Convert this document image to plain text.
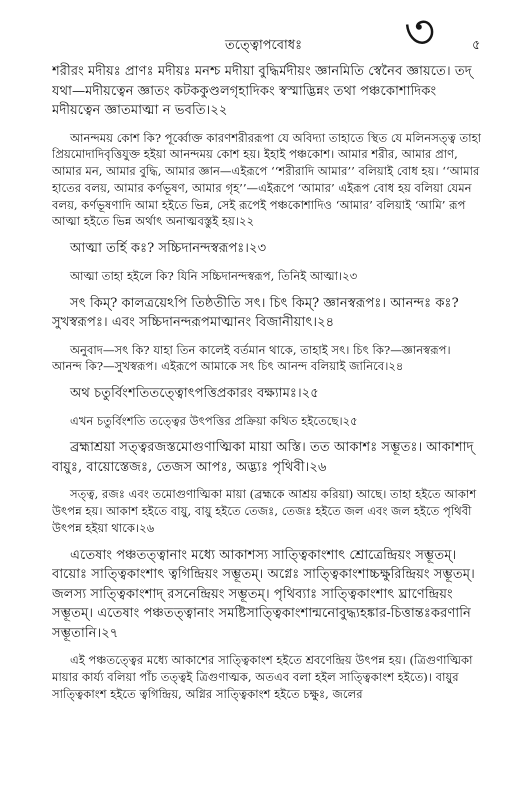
তত্ত্বোপবোধঃ	৩	৫

শরীরং মদীয়ঃ প্রাণঃ মদীয়ঃ মনশ্চ মদীয়া বুদ্ধির্মদীয়ং জ্ঞানমিতি স্বেনৈব জ্ঞায়তে। তদ্ যথা—মদীয়ত্বেন জ্ঞাতং কটককুণ্ডলগৃহাদিকং স্বস্মাদ্ভিন্নং তথা পঞ্চকোশাদিকং মদীয়ত্বেন জ্ঞাতমাত্মা ন ভবতি।২২

আনন্দময় কোশ কি? পূর্ব্বোক্ত কারণশরীররূপা যে অবিদ্যা তাহাতে স্থিত যে মলিনসত্ত্ব তাহা প্রিয়মোদাদিবৃত্তিযুক্ত হইয়া আনন্দময় কোশ হয়। ইহাই পঞ্চকোশ। আমার শরীর, আমার প্রাণ, আমার মন, আমার বুদ্ধি, আমার জ্ঞান—এইরূপে ‘‘শরীরাদি আমার’’ বলিয়াই বোধ হয়। ‘‘আমার হাতের বলয়, আমার কর্ণভূষণ, আমার গৃহ’’—এইরূপে ‘আমার’ এইরূপ বোধ হয় বলিয়া যেমন বলয়, কর্ণভূষণাদি আমা হইতে ভিন্ন, সেই রূপেই পঞ্চকোশাদিও ‘আমার’ বলিয়াই ‘আমি’ রূপ আত্মা হইতে ভিন্ন অর্থাৎ অনাত্মবস্তুই হয়।২২

আত্মা তর্হি কঃ? সচ্চিদানন্দস্বরূপঃ।২৩

আত্মা তাহা হইলে কি? যিনি সচ্চিদানন্দস্বরূপ, তিনিই আত্মা।২৩

সৎ কিম্? কালত্রয়েঽপি তিষ্ঠতীতি সৎ। চিৎ কিম্? জ্ঞানস্বরূপঃ। আনন্দঃ কঃ? সুখস্বরূপঃ। এবং সচ্চিদানন্দরূপমাত্মানং বিজানীয়াৎ।২৪

অনুবাদ—সৎ কি? যাহা তিন কালেই বর্তমান থাকে, তাহাই সৎ। চিৎ কি?—জ্ঞানস্বরূপ। আনন্দ কি?—সুখস্বরূপ। এইরূপে আমাকে সৎ চিৎ আনন্দ বলিয়াই জানিবে।২৪

অথ চতুর্বিংশতিতত্ত্বোৎপত্তিপ্রকারং বক্ষ্যামঃ।২৫

এখন চতুর্বিংশতি তত্ত্বের উৎপত্তির প্রক্রিয়া কথিত হইতেছে।২৫

ব্রহ্মাশ্রয়া সত্ত্বরজস্তমোগুণাত্মিকা মায়া অস্তি। তত আকাশঃ সম্ভূতঃ। আকাশাদ্ বায়ুঃ, বায়োস্তেজঃ, তেজস আপঃ, অদ্ভ্যঃ পৃথিবী।২৬

সত্ত্ব, রজঃ এবং তমোগুণাত্মিকা মায়া (ব্রহ্মকে আশ্রয় করিয়া) আছে। তাহা হইতে আকাশ উৎপন্ন হয়। আকাশ হইতে বায়ু, বায়ু হইতে তেজঃ, তেজঃ হইতে জল এবং জল হইতে পৃথিবী উৎপন্ন হইয়া থাকে।২৬

এতেষাং পঞ্চতত্ত্বানাং মধ্যে আকাশস্য সাত্ত্বিকাংশাৎ শ্রোত্রেন্দ্রিয়ং সম্ভূতম্। বায়োঃ সাত্ত্বিকাংশাৎ ত্বগিন্দ্রিয়ং সম্ভূতম্। অগ্নেঃ সাত্ত্বিকাংশাচ্চক্ষুরিন্দ্রিয়ং সম্ভূতম্। জলস্য সাত্ত্বিকাংশাদ্ রসনেন্দ্রিয়ং সম্ভূতম্। পৃথিব্যাঃ সাত্ত্বিকাংশাৎ ঘ্রাণেন্দ্রিয়ং সম্ভূতম্। এতেষাং পঞ্চতত্ত্বানাং সমষ্টিসাত্ত্বিকাংশান্মনোবুদ্ধ্যহঙ্কার-চিত্তান্তঃকরণানি সম্ভূতানি।২৭

এই পঞ্চতত্ত্বের মধ্যে আকাশের সাত্ত্বিকাংশ হইতে শ্রবণেন্দ্রিয় উৎপন্ন হয়। (ত্রিগুণাত্মিকা মায়ার কার্য্য বলিয়া পাঁচ তত্ত্বই ত্রিগুণাত্মক, অতএব বলা হইল সাত্ত্বিকাংশ হইতে)। বায়ুর সাত্ত্বিকাংশ হইতে ত্বগিন্দ্রিয়, অগ্নির সাত্ত্বিকাংশ হইতে চক্ষুঃ, জলের
